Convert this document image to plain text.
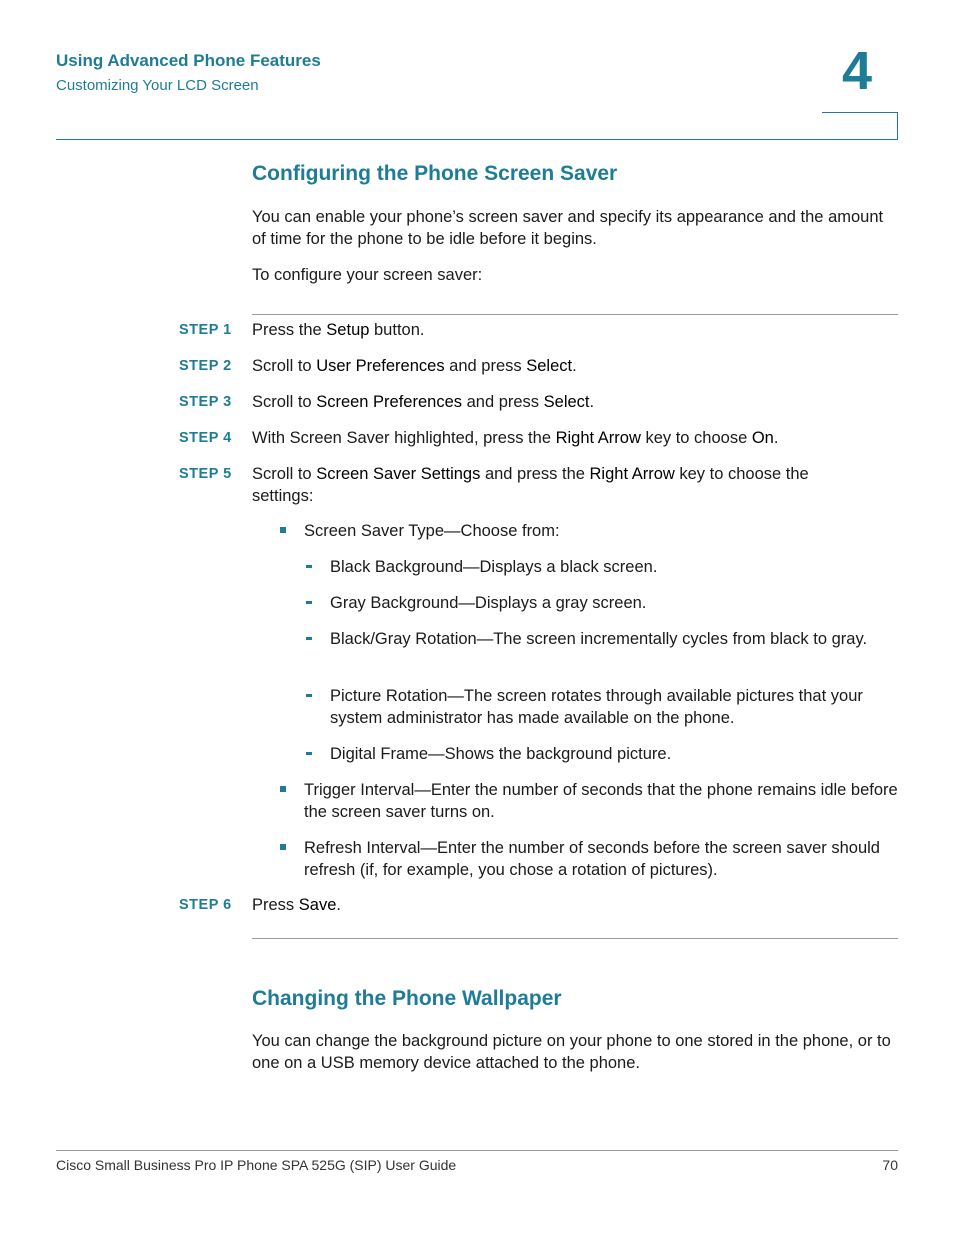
Using Advanced Phone Features
Customizing Your LCD Screen	4
Configuring the Phone Screen Saver
You can enable your phone’s screen saver and specify its appearance and the amount of time for the phone to be idle before it begins.
To configure your screen saver:
STEP 1 Press the Setup button.
STEP 2 Scroll to User Preferences and press Select.
STEP 3 Scroll to Screen Preferences and press Select.
STEP 4 With Screen Saver highlighted, press the Right Arrow key to choose On.
STEP 5 Scroll to Screen Saver Settings and press the Right Arrow key to choose the settings:
Screen Saver Type—Choose from:
Black Background—Displays a black screen.
Gray Background—Displays a gray screen.
Black/Gray Rotation—The screen incrementally cycles from black to gray.
Picture Rotation—The screen rotates through available pictures that your system administrator has made available on the phone.
Digital Frame—Shows the background picture.
Trigger Interval—Enter the number of seconds that the phone remains idle before the screen saver turns on.
Refresh Interval—Enter the number of seconds before the screen saver should refresh (if, for example, you chose a rotation of pictures).
STEP 6 Press Save.
Changing the Phone Wallpaper
You can change the background picture on your phone to one stored in the phone, or to one on a USB memory device attached to the phone.
Cisco Small Business Pro IP Phone SPA 525G (SIP) User Guide	70
